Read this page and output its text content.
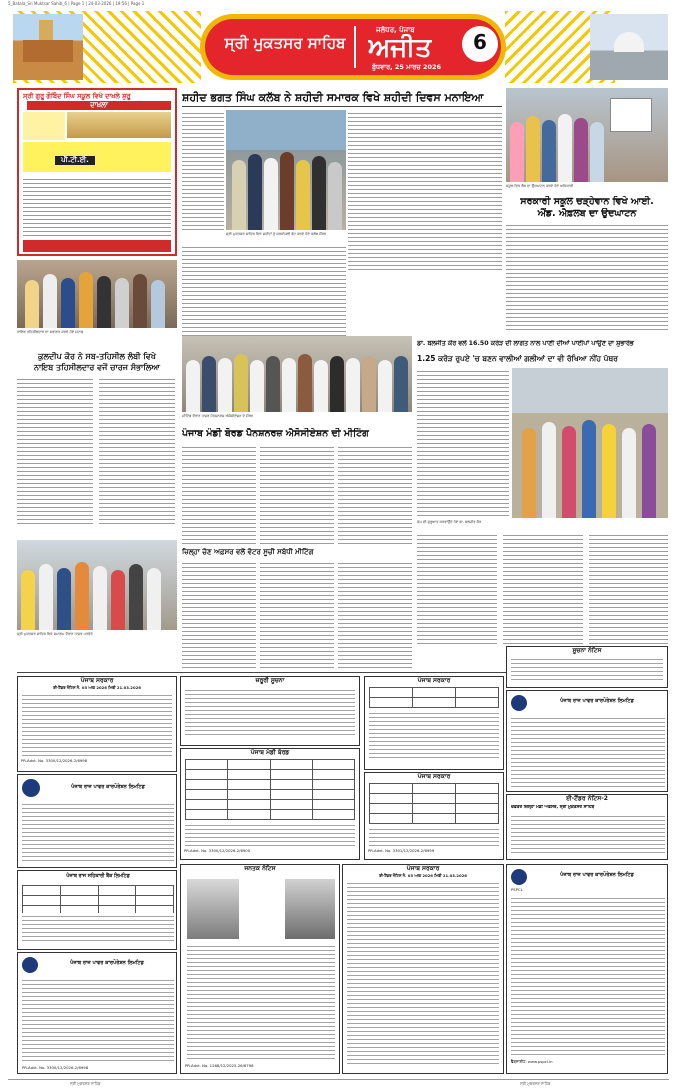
5_Batala_Sri Muktsar Sahib_6 | Page 1 | 24-03-2026 | 19:56 | Page 1
ਸ੍ਰੀ ਮੁਕਤਸਰ ਸਾਹਿਬ
ਜਲੰਧਰ, ਪੰਜਾਬ
ਅਜੀਤ
ਬੁੱਧਵਾਰ, 25 ਮਾਰਚ 2026
6
ਸ੍ਰੀ ਗੁਰੂ ਗੋਬਿੰਦ ਸਿੰਘ ਸਕੂਲ ਵਿਖੇ ਦਾਖ਼ਲੇ ਸ਼ੁਰੂ
ਦਾਖ਼ਲਾ
ਪੀ.ਟੀ.ਈ.
ਸ਼ਹੀਦ ਭਗਤ ਸਿੰਘ ਕਲੱਬ ਨੇ ਸ਼ਹੀਦੀ ਸਮਾਰਕ ਵਿਖੇ ਸ਼ਹੀਦੀ ਦਿਵਸ ਮਨਾਇਆ
ਸ੍ਰੀ ਮੁਕਤਸਰ ਸਾਹਿਬ ਵਿਖੇ ਸ਼ਹੀਦਾਂ ਨੂੰ ਸ਼ਰਧਾਂਜਲੀ ਭੇਟ ਕਰਦੇ ਹੋਏ ਕਲੱਬ ਮੈਂਬਰ
ਸਕੂਲ ਵਿਖੇ ਲੈਬ ਦਾ ਉਦਘਾਟਨ ਕਰਦੇ ਹੋਏ ਅਧਿਕਾਰੀ
ਸਰਕਾਰੀ ਸਕੂਲ ਚੜ੍ਹੇਵਾਨ ਵਿਖੇ ਆਈ.
ਐਂਡ. ਐਫ਼ਲਬ ਦਾ ਉਦਘਾਟਨ
ਨਾਇਬ ਤਹਿਸੀਲਦਾਰ ਦਾ ਸਵਾਗਤ ਕਰਦੇ ਹੋਏ ਸਟਾਫ਼
ਕੁਲਦੀਪ ਕੌਰ ਨੇ ਸਬ-ਤਹਿਸੀਲ ਲੰਬੀ ਵਿਖੇ
ਨਾਇਬ ਤਹਿਸੀਲਦਾਰ ਵਜੋਂ ਚਾਰਜ ਸੰਭਾਲਿਆ
ਮੀਟਿੰਗ ਦੌਰਾਨ ਹਾਜ਼ਰ ਪੈਨਸ਼ਨਰਜ਼ ਐਸੋਸੀਏਸ਼ਨ ਦੇ ਮੈਂਬਰ
ਪੰਜਾਬ ਮੰਡੀ ਬੋਰਡ ਪੈਨਸ਼ਨਰਜ਼ ਐਸੋਸੀਏਸ਼ਨ ਦੀ ਮੀਟਿੰਗ
ਡਾ. ਬਲਜੀਤ ਕੌਰ ਵਲੋਂ 16.50 ਕਰੋੜ ਦੀ ਲਾਗਤ ਨਾਲ ਪਾਣੀ ਦੀਆਂ ਪਾਈਪਾਂ ਪਾਉਣ ਦਾ ਸ਼ੁਭਾਰੰਭ
1.25 ਕਰੋੜ ਰੁਪਏ 'ਚ ਬਣਨ ਵਾਲੀਆਂ ਗਲੀਆਂ ਦਾ ਵੀ ਰੱਖਿਆ ਨੀਂਹ ਪੱਥਰ
ਕੰਮ ਦੀ ਸ਼ੁਰੂਆਤ ਕਰਵਾਉਂਦੇ ਹੋਏ ਡਾ. ਬਲਜੀਤ ਕੌਰ
ਸ੍ਰੀ ਮੁਕਤਸਰ ਸਾਹਿਬ ਵਿਖੇ ਸਮਾਗਮ ਦੌਰਾਨ ਹਾਜ਼ਰ ਪਤਵੰਤੇ
ਜ਼ਿਲ੍ਹਾ ਚੋਣ ਅਫ਼ਸਰ ਵਲੋਂ ਵੋਟਰ ਸੂਚੀ ਸਬੰਧੀ ਮੀਟਿੰਗ
ਪੰਜਾਬ ਸਰਕਾਰ
ਈ-ਟੈਂਡਰ ਨੋਟਿਸ ਨੰ. 05 ਆਫ਼ 2026 ਮਿਤੀ 21.03.2026
PR-Advt. No. 3300/12/2026-2/6998
ਪੰਜਾਬ ਰਾਜ ਪਾਵਰ ਕਾਰਪੋਰੇਸ਼ਨ ਲਿਮਟਿਡ
ਪੰਜਾਬ ਰਾਜ ਸਹਿਕਾਰੀ ਬੈਂਕ ਲਿਮਟਿਡ

ਪੰਜਾਬ ਰਾਜ ਪਾਵਰ ਕਾਰਪੋਰੇਸ਼ਨ ਲਿਮਟਿਡ
PR-Advt. No. 3300/12/2026-2/6998
ਜ਼ਰੂਰੀ ਸੂਚਨਾ
ਪੰਜਾਬ ਮੰਡੀ ਬੋਰਡ

PR-Advt. No. 3300/12/2026-2/6900
ਪੰਜਾਬ ਸਰਕਾਰ

ਪੰਜਾਬ ਸਰਕਾਰ

PR-Advt. No. 3301/12/2026-2/6999
ਸੂਚਨਾ ਨੋਟਿਸ
ਪੰਜਾਬ ਰਾਜ ਪਾਵਰ ਕਾਰਪੋਰੇਸ਼ਨ ਲਿਮਟਿਡ
ਈ-ਟੈਂਡਰ ਨੋਟਿਸ-2
ਦਫ਼ਤਰ ਜ਼ਿਲ੍ਹਾ ਮੰਡੀ ਅਫ਼ਸਰ, ਸ੍ਰੀ ਮੁਕਤਸਰ ਸਾਹਿਬ
ਜਨਤਕ ਨੋਟਿਸ
PR-Advt. No. 1268/12/2025-26/6798
ਪੰਜਾਬ ਸਰਕਾਰ
ਈ-ਟੈਂਡਰ ਨੋਟਿਸ ਨੰ. 05 ਆਫ਼ 2026 ਮਿਤੀ 21.03.2026	ਪੰਜਾਬ ਰਾਜ ਪਾਵਰ ਕਾਰਪੋਰੇਸ਼ਨ ਲਿਮਟਿਡ
PSPCL
ਵੈੱਬਸਾਈਟ: www.pspcl.in
ਸ੍ਰੀ ਮੁਕਤਸਰ ਸਾਹਿਬ	ਸ੍ਰੀ ਮੁਕਤਸਰ ਸਾਹਿਬ
